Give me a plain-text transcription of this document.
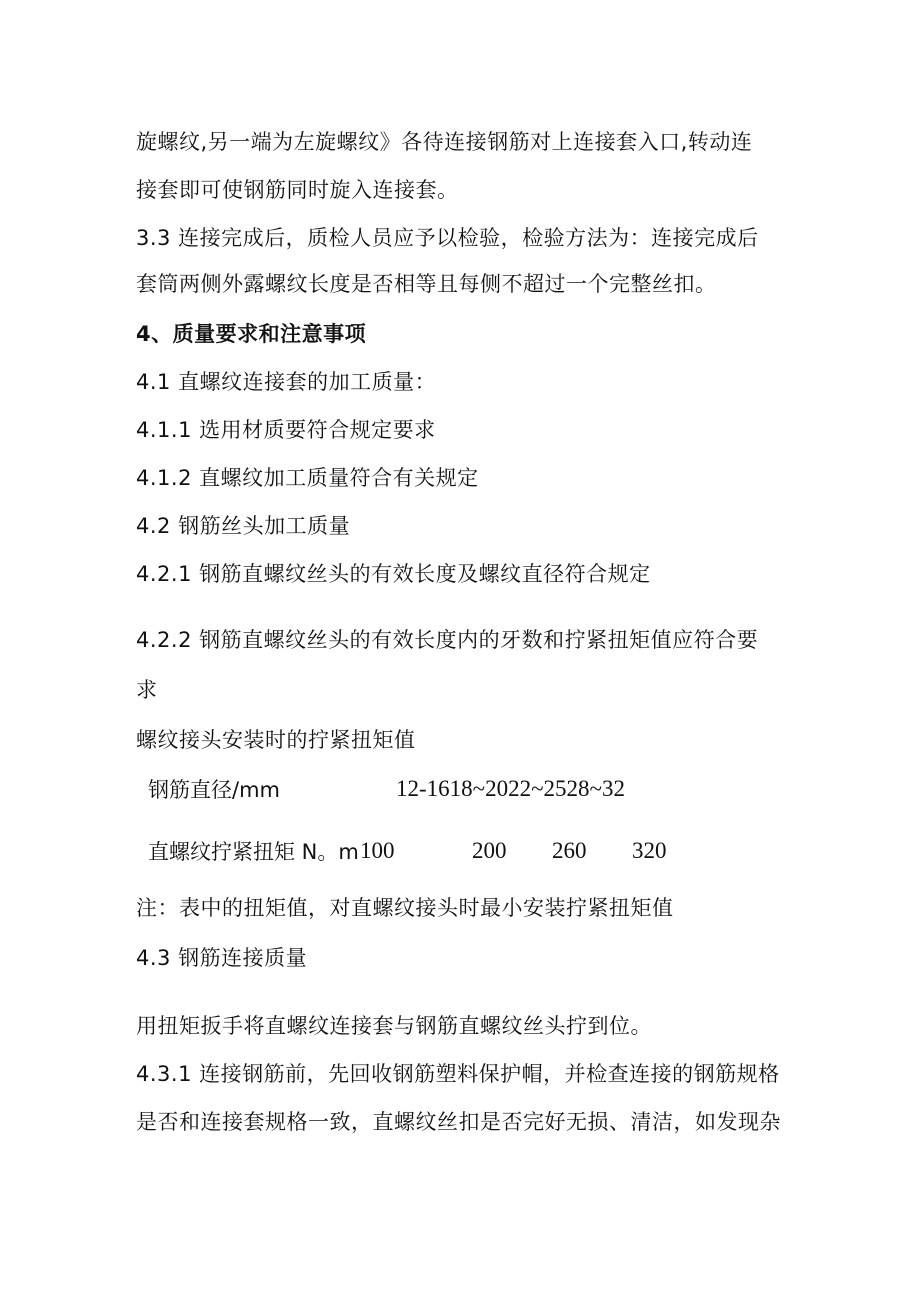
旋螺纹,另一端为左旋螺纹》各待连接钢筋对上连接套入口,转动连
接套即可使钢筋同时旋入连接套。
3.3 连接完成后，质检人员应予以检验，检验方法为：连接完成后
套筒两侧外露螺纹长度是否相等且每侧不超过一个完整丝扣。
4、质量要求和注意事项
4.1 直螺纹连接套的加工质量：
4.1.1 选用材质要符合规定要求
4.1.2 直螺纹加工质量符合有关规定
4.2 钢筋丝头加工质量
4.2.1 钢筋直螺纹丝头的有效长度及螺纹直径符合规定
4.2.2 钢筋直螺纹丝头的有效长度内的牙数和拧紧扭矩值应符合要
求
螺纹接头安装时的拧紧扭矩值
钢筋直径/mm	12-1618~2022~2528~32
直螺纹拧紧扭矩 N。m 100	200 260 320
注：表中的扭矩值，对直螺纹接头时最小安装拧紧扭矩值
4.3 钢筋连接质量
用扭矩扳手将直螺纹连接套与钢筋直螺纹丝头拧到位。
4.3.1 连接钢筋前，先回收钢筋塑料保护帽，并检查连接的钢筋规格
是否和连接套规格一致，直螺纹丝扣是否完好无损、清洁，如发现杂
